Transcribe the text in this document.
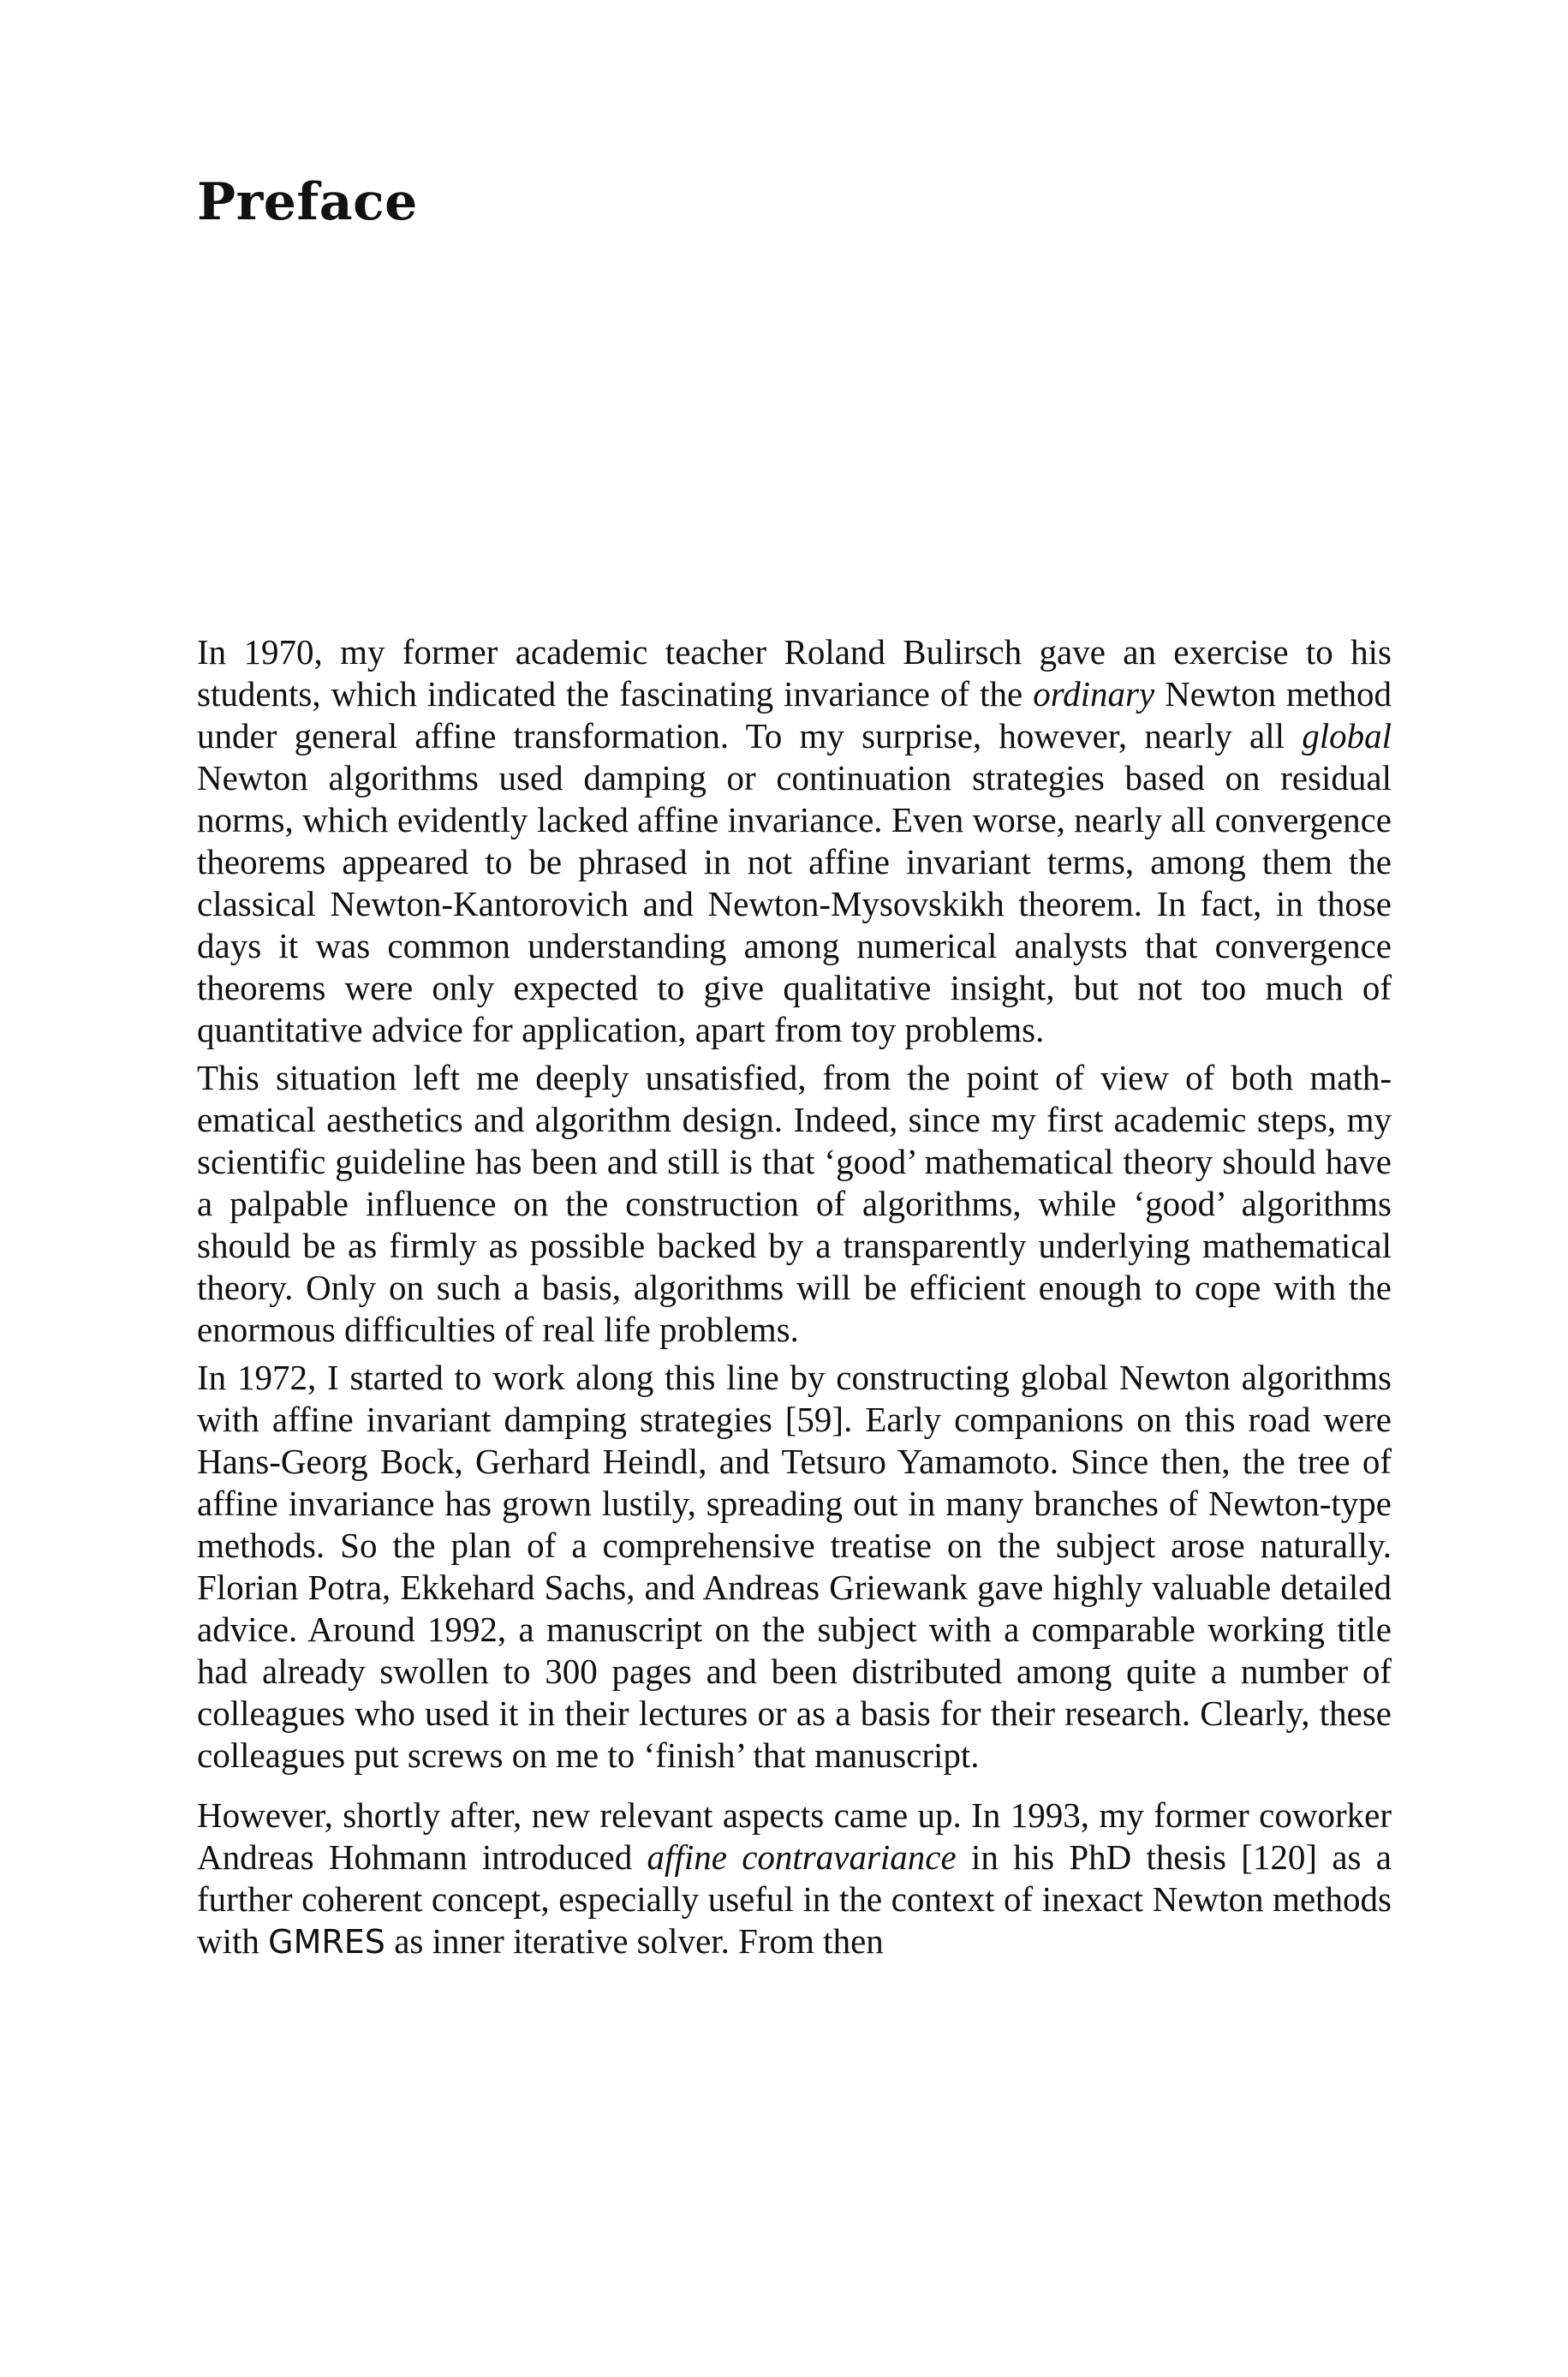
Preface

In 1970, my former academic teacher Roland Bulirsch gave an exercise to his students, which indicated the fascinating invariance of the ordinary Newton method under general affine transformation. To my surprise, however, nearly all global Newton algorithms used damping or continuation strategies based on residual norms, which evidently lacked affine invariance. Even worse, nearly all convergence theorems appeared to be phrased in not affine invariant terms, among them the classical Newton-Kantorovich and Newton-Mysovskikh theorem. In fact, in those days it was common understanding among numerical analysts that convergence theorems were only expected to give qualitative insight, but not too much of quantitative advice for application, apart from toy problems.

This situation left me deeply unsatisfied, from the point of view of both mathematical aesthetics and algorithm design. Indeed, since my first academic steps, my scientific guideline has been and still is that ‘good’ mathematical theory should have a palpable influence on the construction of algorithms, while ‘good’ algorithms should be as firmly as possible backed by a transparently underlying mathematical theory. Only on such a basis, algorithms will be efficient enough to cope with the enormous difficulties of real life problems.

In 1972, I started to work along this line by constructing global Newton algorithms with affine invariant damping strategies [59]. Early companions on this road were Hans-Georg Bock, Gerhard Heindl, and Tetsuro Yamamoto. Since then, the tree of affine invariance has grown lustily, spreading out in many branches of Newton-type methods. So the plan of a comprehensive treatise on the subject arose naturally. Florian Potra, Ekkehard Sachs, and Andreas Griewank gave highly valuable detailed advice. Around 1992, a manuscript on the subject with a comparable working title had already swollen to 300 pages and been distributed among quite a number of colleagues who used it in their lectures or as a basis for their research. Clearly, these colleagues put screws on me to ‘finish’ that manuscript.

However, shortly after, new relevant aspects came up. In 1993, my former coworker Andreas Hohmann introduced affine contravariance in his PhD thesis [120] as a further coherent concept, especially useful in the context of inexact Newton methods with GMRES as inner iterative solver. From then
